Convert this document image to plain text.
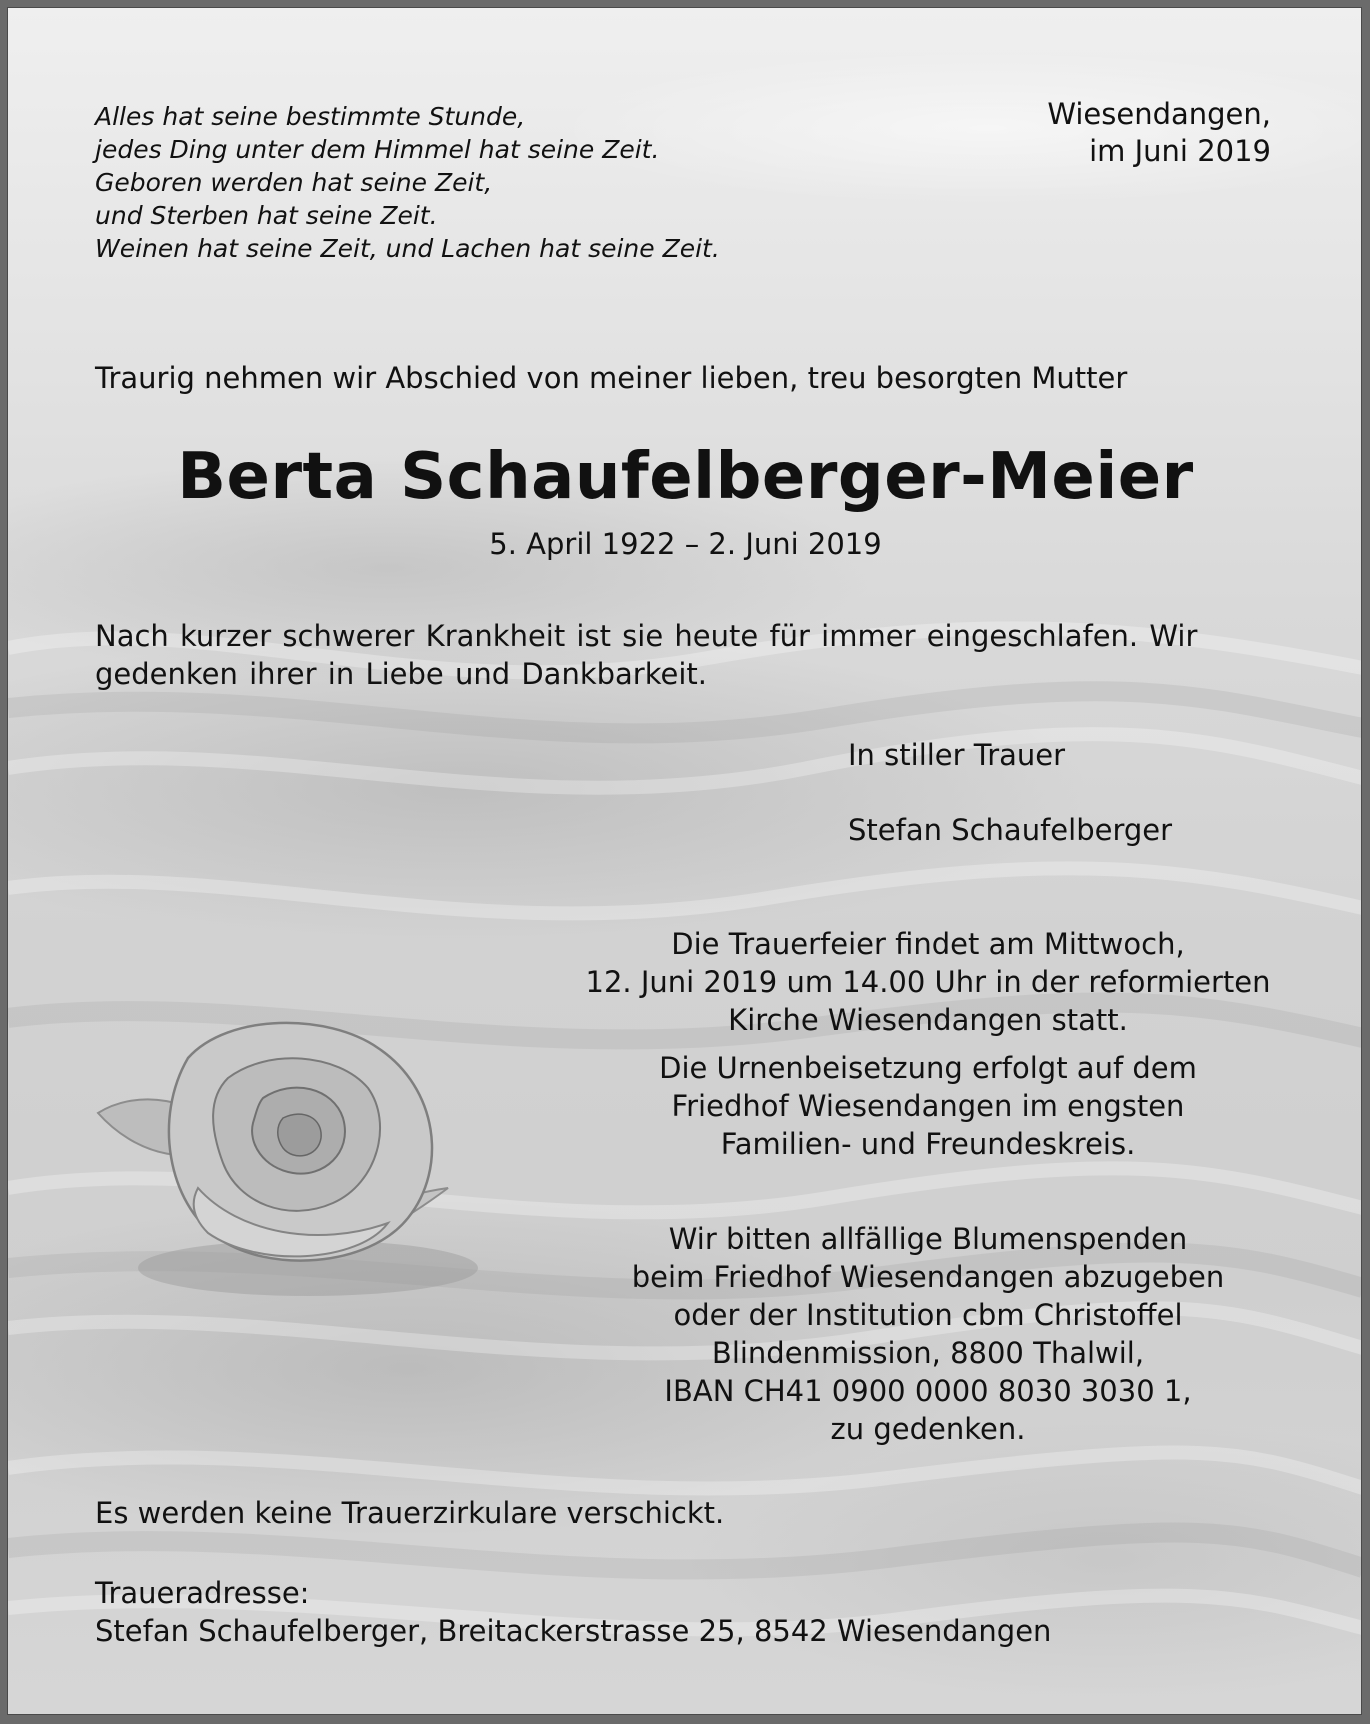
Alles hat seine bestimmte Stunde,
jedes Ding unter dem Himmel hat seine Zeit.
Geboren werden hat seine Zeit,
und Sterben hat seine Zeit.
Weinen hat seine Zeit, und Lachen hat seine Zeit.
Wiesendangen,
im Juni 2019
Traurig nehmen wir Abschied von meiner lieben, treu besorgten Mutter
Berta Schaufelberger-Meier
5. April 1922 – 2. Juni 2019
Nach kurzer schwerer Krankheit ist sie heute für immer eingeschlafen. Wir gedenken ihrer in Liebe und Dankbarkeit.
In stiller Trauer
Stefan Schaufelberger
Die Trauerfeier findet am Mittwoch,
12. Juni 2019 um 14.00 Uhr in der reformierten
Kirche Wiesendangen statt.
Die Urnenbeisetzung erfolgt auf dem
Friedhof Wiesendangen im engsten
Familien- und Freundeskreis.
Wir bitten allfällige Blumenspenden
beim Friedhof Wiesendangen abzugeben
oder der Institution cbm Christoffel
Blindenmission, 8800 Thalwil,
IBAN CH41 0900 0000 8030 3030 1,
zu gedenken.
Es werden keine Trauerzirkulare verschickt.
Traueradresse:
Stefan Schaufelberger, Breitackerstrasse 25, 8542 Wiesendangen
